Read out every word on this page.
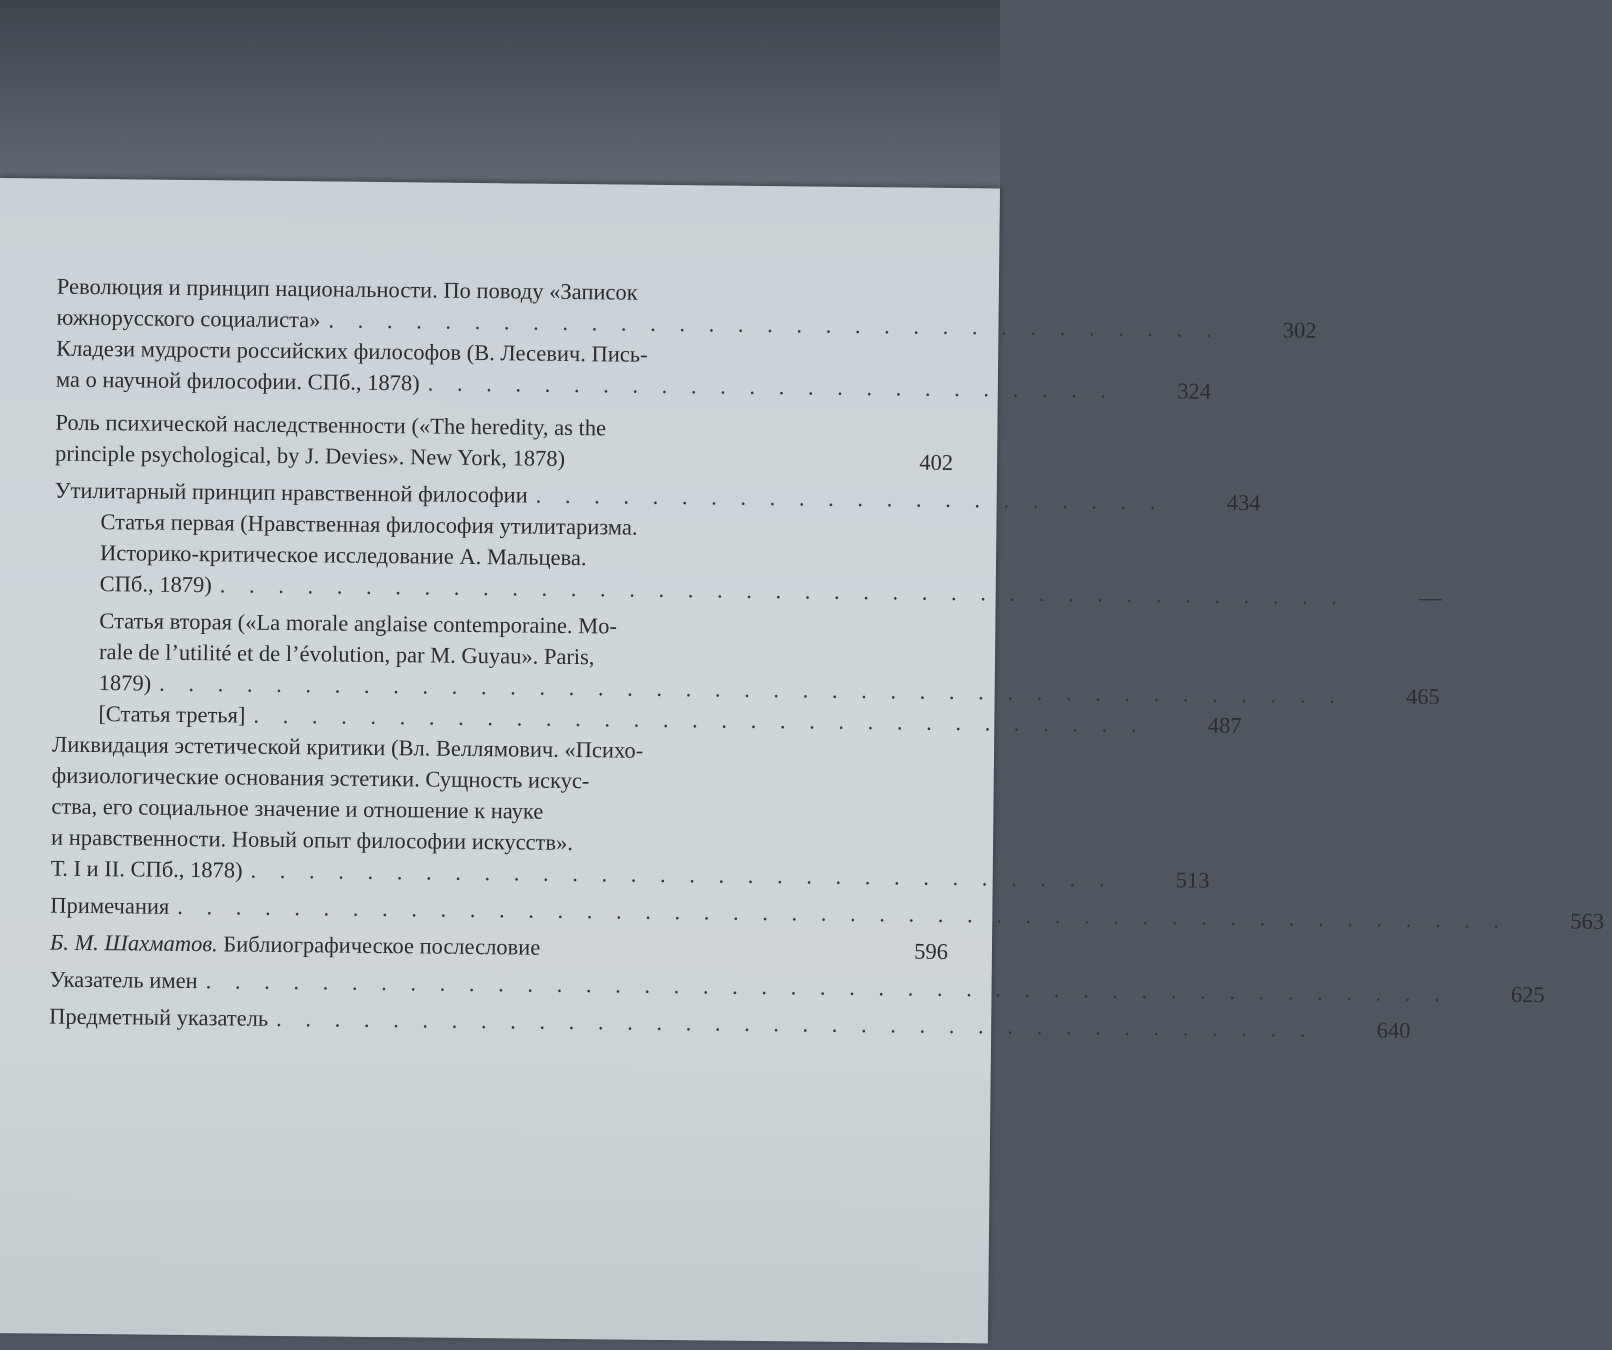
Революция и принцип национальности. По поводу «Записок
южнорусского социалиста» . . . . . . . . . . . . . . . . . . . . . . . . . . . . . . .	302
Кладези мудрости российских философов (В. Лесевич. Пись-
ма о научной философии. СПб., 1878) . . . . . . . . . . . . . . . . . . . . . . . .	324
Роль психической наследственности («The heredity, as the
principle psychological, by J. Devies». New York, 1878)	402
Утилитарный принцип нравственной философии . . . . . . . . . . . . . . . . . . . . . .	434
Статья первая (Нравственная философия утилитаризма.
Историко-критическое исследование А. Мальцева.
СПб., 1879) . . . . . . . . . . . . . . . . . . . . . . . . . . . . . . . . . . . . . . .	—
Статья вторая («La morale anglaise contemporaine. Mo-
rale de l’utilité et de l’évolution, par M. Guyau». Paris,
1879) . . . . . . . . . . . . . . . . . . . . . . . . . . . . . . . . . . . . . . . . .	465
[Статья третья] . . . . . . . . . . . . . . . . . . . . . . . . . . . . . . .	487
Ликвидация эстетической критики (Вл. Веллямович. «Психо-
физиологические основания эстетики. Сущность искус-
ства, его социальное значение и отношение к науке
и нравственности. Новый опыт философии искусств».
Т. I и II. СПб., 1878) . . . . . . . . . . . . . . . . . . . . . . . . . . . . . .	513
Примечания . . . . . . . . . . . . . . . . . . . . . . . . . . . . . . . . . . . . . . . . . . . . . .	563
Б. М. Шахматов. Библиографическое послесловие	596
Указатель имен . . . . . . . . . . . . . . . . . . . . . . . . . . . . . . . . . . . . . . . . . . .	625
Предметный указатель . . . . . . . . . . . . . . . . . . . . . . . . . . . . . . . . . . . .	640
